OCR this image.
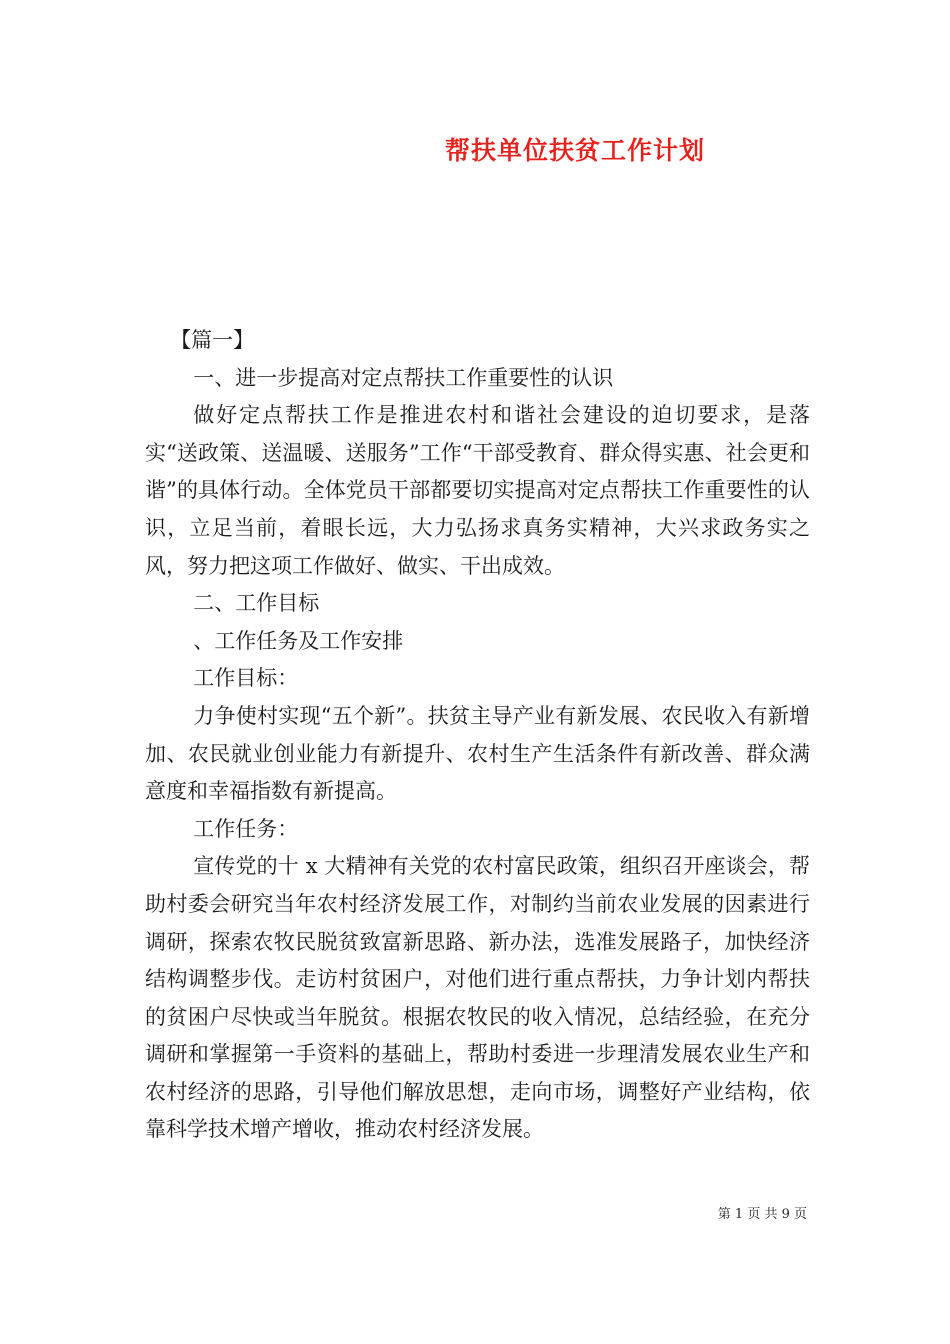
帮扶单位扶贫工作计划

【篇一】

一、进一步提高对定点帮扶工作重要性的认识

做好定点帮扶工作是推进农村和谐社会建设的迫切要求，是落实“送政策、送温暖、送服务”工作“干部受教育、群众得实惠、社会更和谐”的具体行动。全体党员干部都要切实提高对定点帮扶工作重要性的认识，立足当前，着眼长远，大力弘扬求真务实精神，大兴求政务实之风，努力把这项工作做好、做实、干出成效。

二、工作目标

、工作任务及工作安排

工作目标：

力争使村实现“五个新”。扶贫主导产业有新发展、农民收入有新增加、农民就业创业能力有新提升、农村生产生活条件有新改善、群众满意度和幸福指数有新提高。

工作任务：

宣传党的十 x 大精神有关党的农村富民政策，组织召开座谈会，帮助村委会研究当年农村经济发展工作，对制约当前农业发展的因素进行调研，探索农牧民脱贫致富新思路、新办法，选准发展路子，加快经济结构调整步伐。走访村贫困户，对他们进行重点帮扶，力争计划内帮扶的贫困户尽快或当年脱贫。根据农牧民的收入情况，总结经验，在充分调研和掌握第一手资料的基础上，帮助村委进一步理清发展农业生产和农村经济的思路，引导他们解放思想，走向市场，调整好产业结构，依靠科学技术增产增收，推动农村经济发展。

第 1 页 共 9 页
